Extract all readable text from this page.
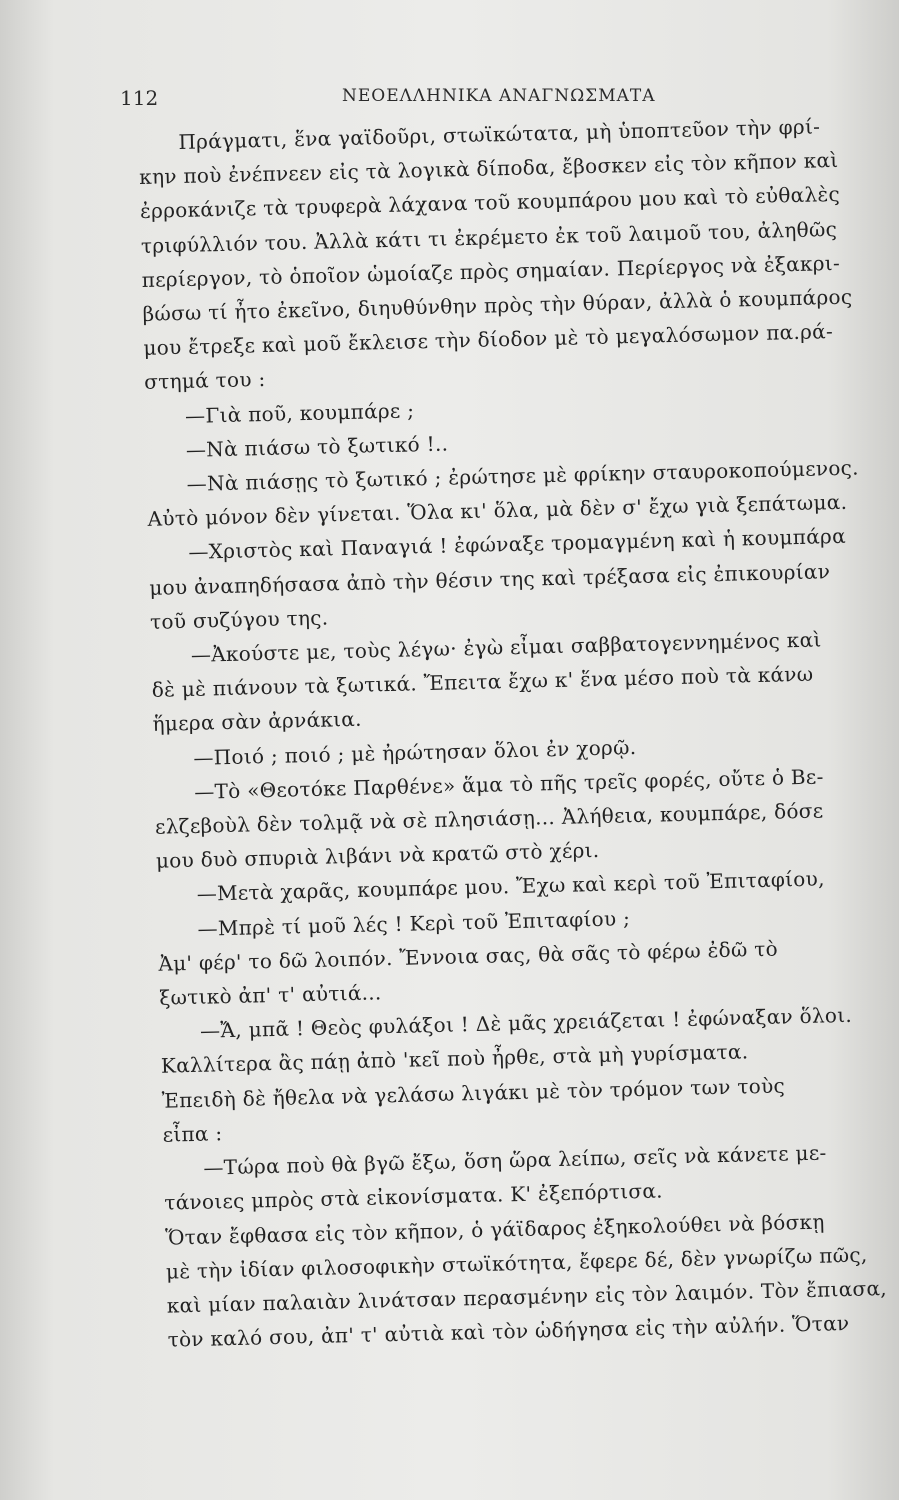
112	ΝΕΟΕΛΛΗΝΙΚΑ ΑΝΑΓΝΩΣΜΑΤΑ

Πράγματι, ἕνα γαϊδοῦρι, στωϊκώτατα, μὴ ὑποπτεῦον τὴν φρί-

κην ποὺ ἐνέπνεεν εἰς τὰ λογικὰ δίποδα, ἔβοσκεν εἰς τὸν κῆπον καὶ

ἐρροκάνιζε τὰ τρυφερὰ λάχανα τοῦ κουμπάρου μου καὶ τὸ εὐθαλὲς

τριφύλλιόν του. Ἀλλὰ κάτι τι ἐκρέμετο ἐκ τοῦ λαιμοῦ του, ἀληθῶς

περίεργον, τὸ ὁποῖον ὡμοίαζε πρὸς σημαίαν. Περίεργος νὰ ἐξακρι-

βώσω τί ἦτο ἐκεῖνο, διηυθύνθην πρὸς τὴν θύραν, ἀλλὰ ὁ κουμπάρος

μου ἔτρεξε καὶ μοῦ ἔκλεισε τὴν δίοδον μὲ τὸ μεγαλόσωμον πα.ρά-

στημά του :

—Γιὰ ποῦ, κουμπάρε ;

—Νὰ πιάσω τὸ ξωτικό !..

—Νὰ πιάσῃς τὸ ξωτικό ; ἐρώτησε μὲ φρίκην σταυροκοπούμενος.

Αὐτὸ μόνον δὲν γίνεται. Ὅλα κι' ὅλα, μὰ δὲν σ' ἔχω γιὰ ξεπάτωμα.

—Χριστὸς καὶ Παναγιά ! ἐφώναξε τρομαγμένη καὶ ἡ κουμπάρα

μου ἀναπηδήσασα ἀπὸ τὴν θέσιν της καὶ τρέξασα εἰς ἐπικουρίαν

τοῦ συζύγου της.

—Ἀκούστε με, τοὺς λέγω· ἐγὼ εἶμαι σαββατογεννημένος καὶ

δὲ μὲ πιάνουν τὰ ξωτικά. Ἔπειτα ἔχω κ' ἕνα μέσο ποὺ τὰ κάνω

ἥμερα σὰν ἀρνάκια.

—Ποιό ; ποιό ; μὲ ἠρώτησαν ὅλοι ἐν χορῷ.

—Τὸ «Θεοτόκε Παρθένε» ἅμα τὸ πῆς τρεῖς φορές, οὔτε ὁ Βε-

ελζεβοὺλ δὲν τολμᾷ νὰ σὲ πλησιάσῃ... Ἀλήθεια, κουμπάρε, δόσε

μου δυὸ σπυριὰ λιβάνι νὰ κρατῶ στὸ χέρι.

—Μετὰ χαρᾶς, κουμπάρε μου. Ἔχω καὶ κερὶ τοῦ Ἐπιταφίου,

—Μπρὲ τί μοῦ λές ! Κερὶ τοῦ Ἐπιταφίου ;

Ἀμ' φέρ' το δῶ λοιπόν. Ἔννοια σας, θὰ σᾶς τὸ φέρω ἐδῶ τὸ

ξωτικὸ ἀπ' τ' αὐτιά...

—Ἄ, μπᾶ ! Θεὸς φυλάξοι ! Δὲ μᾶς χρειάζεται ! ἐφώναξαν ὅλοι.

Καλλίτερα ἂς πάῃ ἀπὸ 'κεῖ ποὺ ἦρθε, στὰ μὴ γυρίσματα.

Ἐπειδὴ δὲ ἤθελα νὰ γελάσω λιγάκι μὲ τὸν τρόμον των τοὺς

εἶπα :

—Τώρα ποὺ θὰ βγῶ ἔξω, ὅση ὥρα λείπω, σεῖς νὰ κάνετε με-

τάνοιες μπρὸς στὰ εἰκονίσματα. Κ' ἐξεπόρτισα.

Ὅταν ἔφθασα εἰς τὸν κῆπον, ὁ γάϊδαρος ἐξηκολούθει νὰ βόσκῃ

μὲ τὴν ἰδίαν φιλοσοφικὴν στωϊκότητα, ἔφερε δέ, δὲν γνωρίζω πῶς,

καὶ μίαν παλαιὰν λινάτσαν περασμένην εἰς τὸν λαιμόν. Τὸν ἔπιασα,

τὸν καλό σου, ἀπ' τ' αὐτιὰ καὶ τὸν ὡδήγησα εἰς τὴν αὐλήν. Ὅταν
